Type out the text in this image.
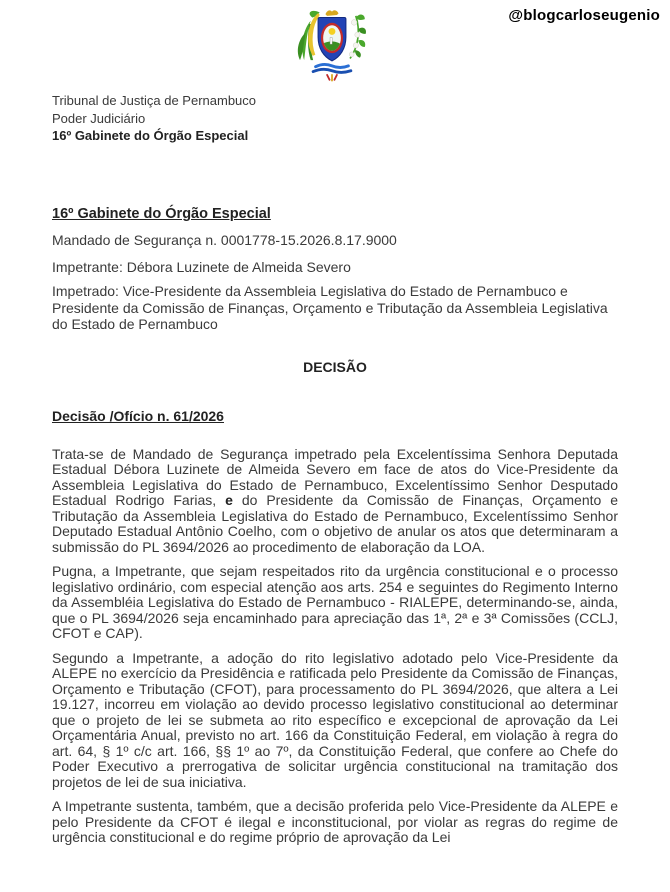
@blogcarloseugenio
Tribunal de Justiça de Pernambuco
Poder Judiciário
16º Gabinete do Órgão Especial
16º Gabinete do Órgão Especial
Mandado de Segurança n. 0001778-15.2026.8.17.9000
Impetrante: Débora Luzinete de Almeida Severo
Impetrado: Vice-Presidente da Assembleia Legislativa do Estado de Pernambuco e Presidente da Comissão de Finanças, Orçamento e Tributação da Assembleia Legislativa do Estado de Pernambuco
DECISÃO
Decisão /Ofício n. 61/2026

Trata-se de Mandado de Segurança impetrado pela Excelentíssima Senhora Deputada Estadual Débora Luzinete de Almeida Severo em face de atos do Vice-Presidente da Assembleia Legislativa do Estado de Pernambuco, Excelentíssimo Senhor Desputado Estadual Rodrigo Farias, e do Presidente da Comissão de Finanças, Orçamento e Tributação da Assembleia Legislativa do Estado de Pernambuco, Excelentíssimo Senhor Deputado Estadual Antônio Coelho, com o objetivo de anular os atos que determinaram a submissão do PL 3694/2026 ao procedimento de elaboração da LOA.

Pugna, a Impetrante, que sejam respeitados rito da urgência constitucional e o processo legislativo ordinário, com especial atenção aos arts. 254 e seguintes do Regimento Interno da Assembléia Legislativa do Estado de Pernambuco - RIALEPE, determinando-se, ainda, que o PL 3694/2026 seja encaminhado para apreciação das 1ª, 2ª e 3ª Comissões (CCLJ, CFOT e CAP).

Segundo a Impetrante, a adoção do rito legislativo adotado pelo Vice-Presidente da ALEPE no exercício da Presidência e ratificada pelo Presidente da Comissão de Finanças, Orçamento e Tributação (CFOT), para processamento do PL 3694/2026, que altera a Lei 19.127, incorreu em violação ao devido processo legislativo constitucional ao determinar que o projeto de lei se submeta ao rito específico e excepcional de aprovação da Lei Orçamentária Anual, previsto no art. 166 da Constituição Federal, em violação à regra do art. 64, § 1º c/c art. 166, §§ 1º ao 7º, da Constituição Federal, que confere ao Chefe do Poder Executivo a prerrogativa de solicitar urgência constitucional na tramitação dos projetos de lei de sua iniciativa.

A Impetrante sustenta, também, que a decisão proferida pelo Vice-Presidente da ALEPE e pelo Presidente da CFOT é ilegal e inconstitucional, por violar as regras do regime de urgência constitucional e do regime próprio de aprovação da Lei
